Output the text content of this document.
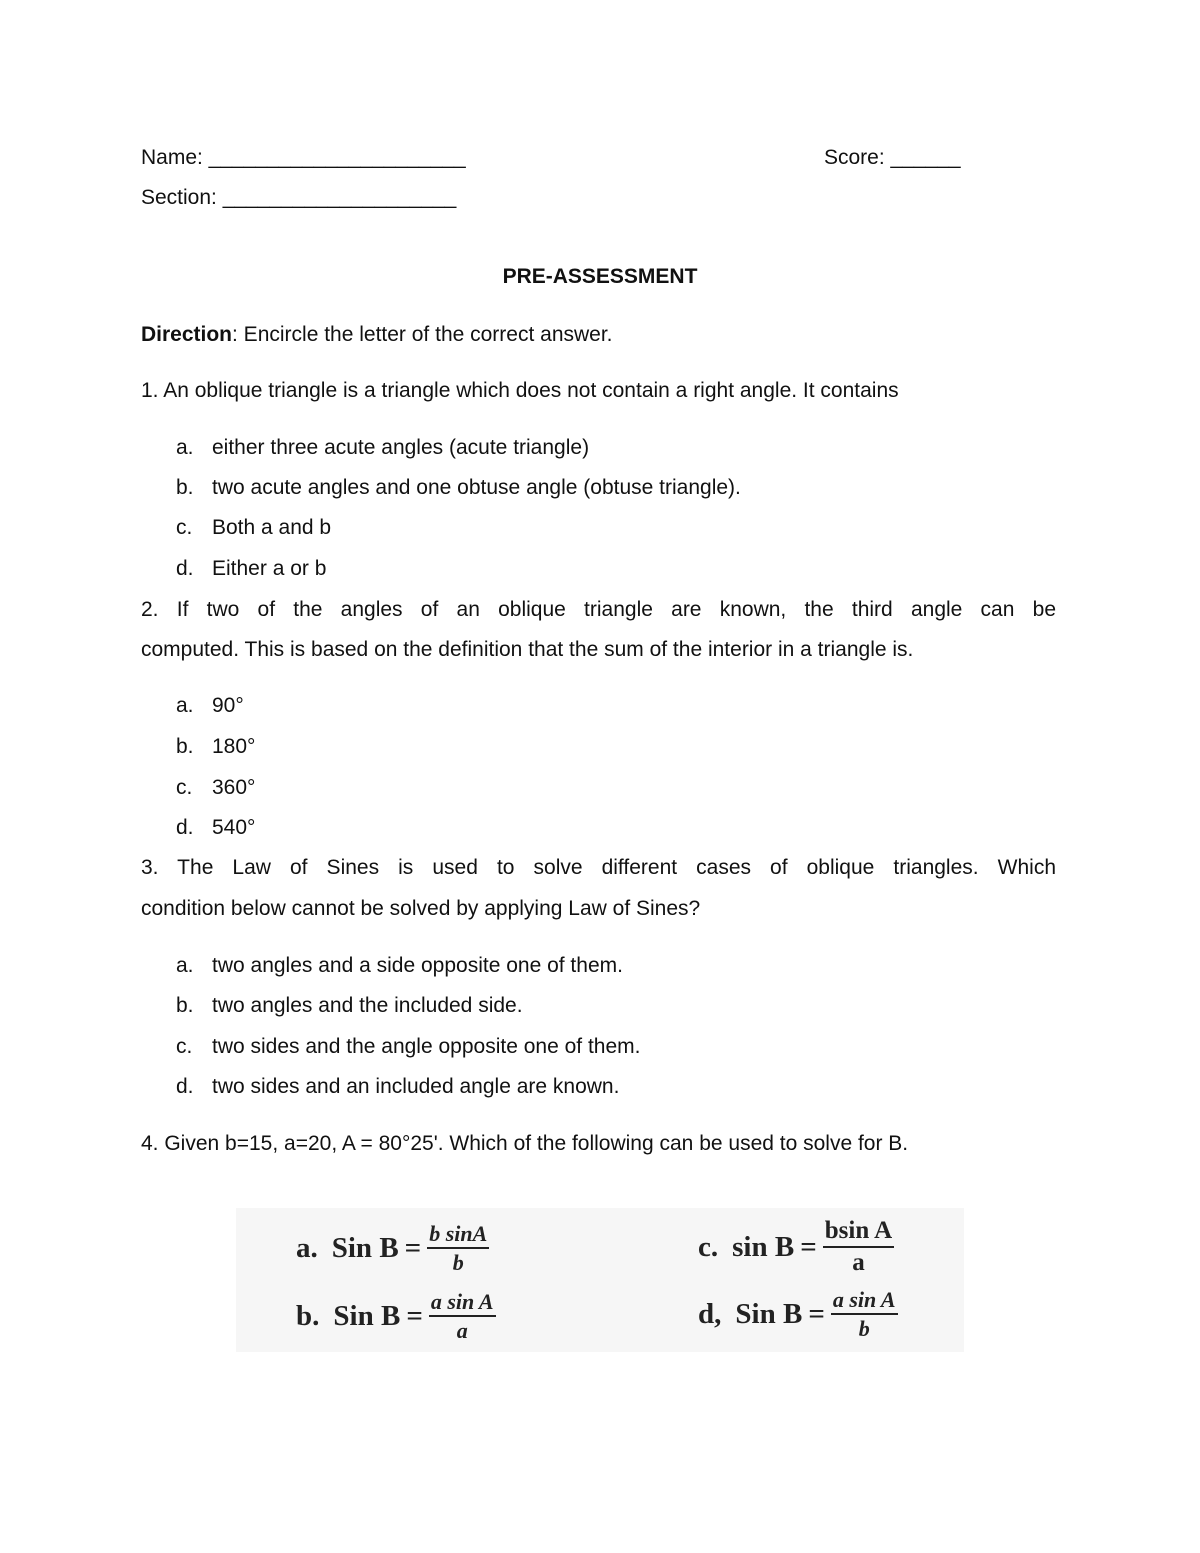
Name: ______________________	Score: ______
Section: ____________________
PRE-ASSESSMENT
Direction: Encircle the letter of the correct answer.
1. An oblique triangle is a triangle which does not contain a right angle. It contains
a. either three acute angles (acute triangle)
b. two acute angles and one obtuse angle (obtuse triangle).
c. Both a and b
d. Either a or b
2. If two of the angles of an oblique triangle are known, the third angle can be
computed. This is based on the definition that the sum of the interior in a triangle is.
a. 90°
b. 180°
c. 360°
d. 540°
3. The Law of Sines is used to solve different cases of oblique triangles. Which
condition below cannot be solved by applying Law of Sines?
a. two angles and a side opposite one of them.
b. two angles and the included side.
c. two sides and the angle opposite one of them.
d. two sides and an included angle are known.
4. Given b=15, a=20, A = 80°25'. Which of the following can be used to solve for B.
a. Sin $B = \frac{\text{b sinA}}{b}$
b. Sin $B = \frac{\text{a sin A}}{a}$
c. $\sin B = \frac{\text{bsin A}}{a}$
d, Sin $B = \frac{\text{a sin A}}{b}$
